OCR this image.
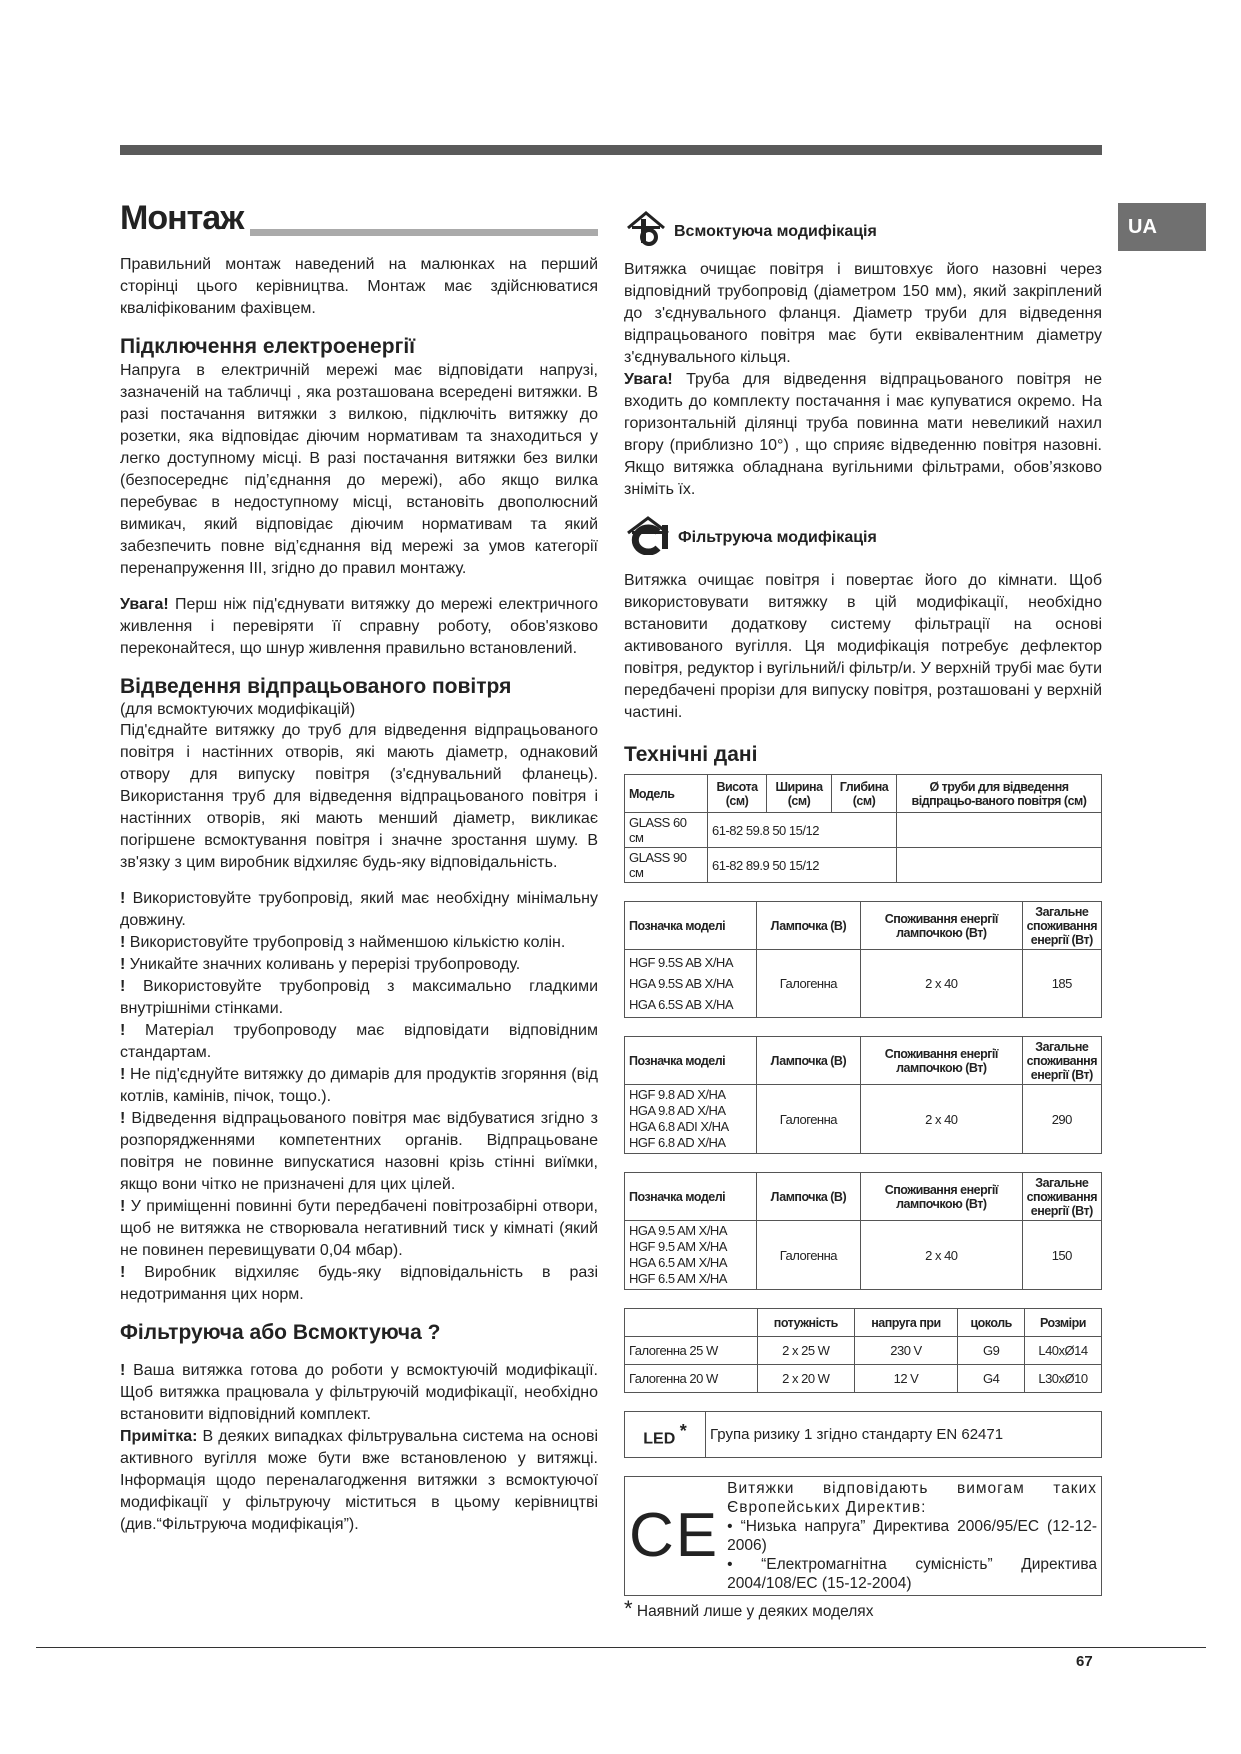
UA
Монтаж

Правильний монтаж наведений на малюнках на перший сторінці цього керівництва. Монтаж має здійснюватися кваліфікованим фахівцем.

Підключення електроенергії

Напруга в електричній мережі має відповідати напрузі, зазначеній на табличці , яка розташована всередені витяжки. В разі постачання витяжки з вилкою, підключіть витяжку до розетки, яка відповідає діючим нормативам та знаходиться у легко доступному місці. В разі постачання витяжки без вилки (безпосереднє під’єднання до мережі), або якщо вилка перебуває в недоступному місці, встановіть двополюсний вимикач, який відповідає діючим нормативам та який забезпечить повне від’єднання від мережі за умов категорії перенапруження III, згідно до правил монтажу.

Увага! Перш ніж під'єднувати витяжку до мережі електричного живлення і перевіряти її справну роботу, обов'язково переконайтеся, що шнур живлення правильно встановлений.

Відведення відпрацьованого повітря

(для всмоктуючих модифікацій)

Під'єднайте витяжку до труб для відведення відпрацьованого повітря і настінних отворів, які мають діаметр, однаковий отвору для випуску повітря (з'єднувальний фланець). Використання труб для відведення відпрацьованого повітря і настінних отворів, які мають менший діаметр, викликає погіршене всмоктування повітря і значне зростання шуму. В зв'язку з цим виробник відхиляє будь-яку відповідальність.

! Використовуйте трубопровід, який має необхідну мінімальну довжину.

! Використовуйте трубопровід з найменшою кількістю колін.

! Уникайте значних коливань у перерізі трубопроводу.

! Використовуйте трубопровід з максимально гладкими внутрішніми стінками.

! Матеріал трубопроводу має відповідати відповідним стандартам.

! Не під'єднуйте витяжку до димарів для продуктів згоряння (від котлів, камінів, пічок, тощо.).

! Відведення відпрацьованого повітря має відбуватися згідно з розпорядженнями компетентних органів. Відпрацьоване повітря не повинне випускатися назовні крізь стінні виїмки, якщо вони чітко не призначені для цих цілей.

! У приміщенні повинні бути передбачені повітрозабірні отвори, щоб не витяжка не створювала негативний тиск у кімнаті (який не повинен перевищувати 0,04 мбар).

! Виробник відхиляє будь-яку відповідальність в разі недотримання цих норм.

Фільтруюча або Всмоктуюча ?

! Ваша витяжка готова до роботи у всмоктуючій модифікації. Щоб витяжка працювала у фільтруючій модифікації, необхідно встановити відповідний комплект.

Примітка: В деяких випадках фільтрувальна система на основі активного вугілля може бути вже встановленою у витяжці. Інформація щодо переналагодження витяжки з всмоктуючої модифікації у фільтруючу міститься в цьому керівництві (див.“Фільтруюча модифікація”).

Всмоктуюча модифікація

Витяжка очищає повітря і виштовхує його назовні через відповідний трубопровід (діаметром 150 мм), який закріплений до з'єднувального фланця. Діаметр труби для відведення відпрацьованого повітря має бути еквівалентним діаметру з'єднувального кільця.

Увага! Труба для відведення відпрацьованого повітря не входить до комплекту постачання і має купуватися окремо. На горизонтальній ділянці труба повинна мати невеликий нахил вгору (приблизно 10°) , що сприяє відведенню повітря назовні. Якщо витяжка обладнана вугільними фільтрами, обов’язково зніміть їх.

Фільтруюча модифікація

Витяжка очищає повітря і повертає його до кімнати. Щоб використовувати витяжку в цій модифікації, необхідно встановити додаткову систему фільтрації на основі активованого вугілля. Ця модифікація потребує дефлектор повітря, редуктор і вугільний/і фільтр/и. У верхній трубі має бути передбачені прорізи для випуску повітря, розташовані у верхній частині.

Технічні дані
Модель	Висота (см)	Ширина (см)	Глибина (см)	Ø труби для відведення відпрацьо-ваного повітря (см)
GLASS 60 см	61-82 59.8 50 15/12			
GLASS 90 см	61-82 89.9 50 15/12			
Позначка моделі	Лампочка (В)	Споживання енергії лампочкою (Вт)	Загальне споживання енергії (Вт)

HGF 9.5S AB X/HA
HGA 9.5S AB X/HA
HGA 6.5S AB X/HA	Галогенна	2 x 40	185
Позначка моделі	Лампочка (В)	Споживання енергії лампочкою (Вт)	Загальне споживання енергії (Вт)

HGF 9.8 AD X/HA
HGA 9.8 AD X/HA
HGA 6.8 ADI X/HA
HGF 6.8 AD X/HA	Галогенна	2 x 40	290
Позначка моделі	Лампочка (В)	Споживання енергії лампочкою (Вт)	Загальне споживання енергії (Вт)

HGA 9.5 AM X/HA
HGF 9.5 AM X/HA
HGA 6.5 AM X/HA
HGF 6.5 AM X/HA	Галогенна	2 x 40	150
	потужність	напруга при	цоколь	Розміри
Галогенна 25 W	2 x 25 W	230 V	G9	L40xØ14
Галогенна 20 W	2 x 20 W	12 V	G4	L30xØ10
LED *	Група ризику 1 згідно стандарту EN 62471
CE	
Витяжки відповідають вимогам таких Європейських Директив:
• “Низька напруга” Директива 2006/95/ЕС (12-12-2006)
• “Електромагнітна сумісність” Директива 2004/108/ЕС (15-12-2004)
* Наявний лише у деяких моделях
67
